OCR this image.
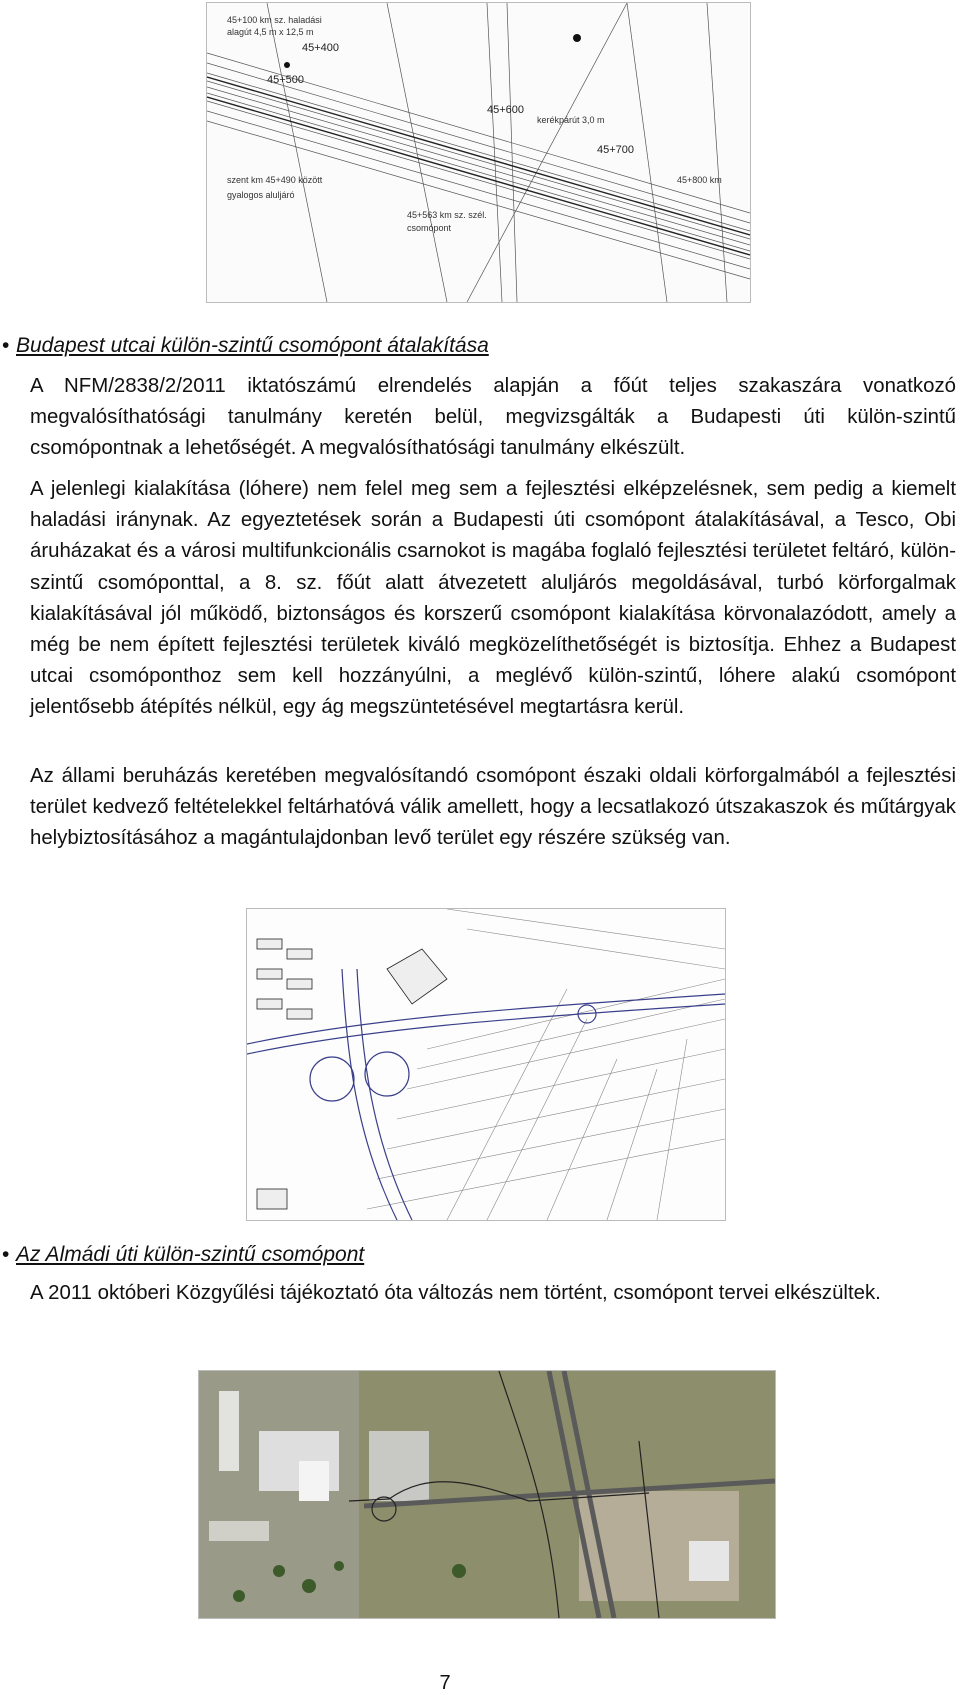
45+100 km sz. haladási
alagút 4,5 m x 12,5 m
szent km 45+490 között
gyalogos aluljáró
45+563 km sz. szél.
csomópont
kerékpárút 3,0 m
45+800 km
45+400
45+500
45+600
45+700
• Budapest utcai külön-szintű csomópont átalakítása

A NFM/2838/2/2011 iktatószámú elrendelés alapján a főút teljes szakaszára vonatkozó megvalósíthatósági tanulmány keretén belül, megvizsgálták a Budapesti úti külön-szintű csomópontnak a lehetőségét. A megvalósíthatósági tanulmány elkészült.

A jelenlegi kialakítása (lóhere) nem felel meg sem a fejlesztési elképzelésnek, sem pedig a kiemelt haladási iránynak. Az egyeztetések során a Budapesti úti csomópont átalakításával, a Tesco, Obi áruházakat és a városi multifunkcionális csarnokot is magába foglaló fejlesztési területet feltáró, külön-szintű csomóponttal, a 8. sz. főút alatt átvezetett aluljárós megoldásával, turbó körforgalmak kialakításával jól működő, biztonságos és korszerű csomópont kialakítása körvonalazódott, amely a még be nem épített fejlesztési területek kiváló megközelíthetőségét is biztosítja. Ehhez a Budapest utcai csomóponthoz sem kell hozzányúlni, a meglévő külön-szintű, lóhere alakú csomópont jelentősebb átépítés nélkül, egy ág megszüntetésével megtartásra kerül.

Az állami beruházás keretében megvalósítandó csomópont északi oldali körforgalmából a fejlesztési terület kedvező feltételekkel feltárhatóvá válik amellett, hogy a lecsatlakozó útszakaszok és műtárgyak helybiztosításához a magántulajdonban levő terület egy részére szükség van.

• Az Almádi úti külön-szintű csomópont

A 2011 októberi Közgyűlési tájékoztató óta változás nem történt, csomópont tervei elkészültek.

7
